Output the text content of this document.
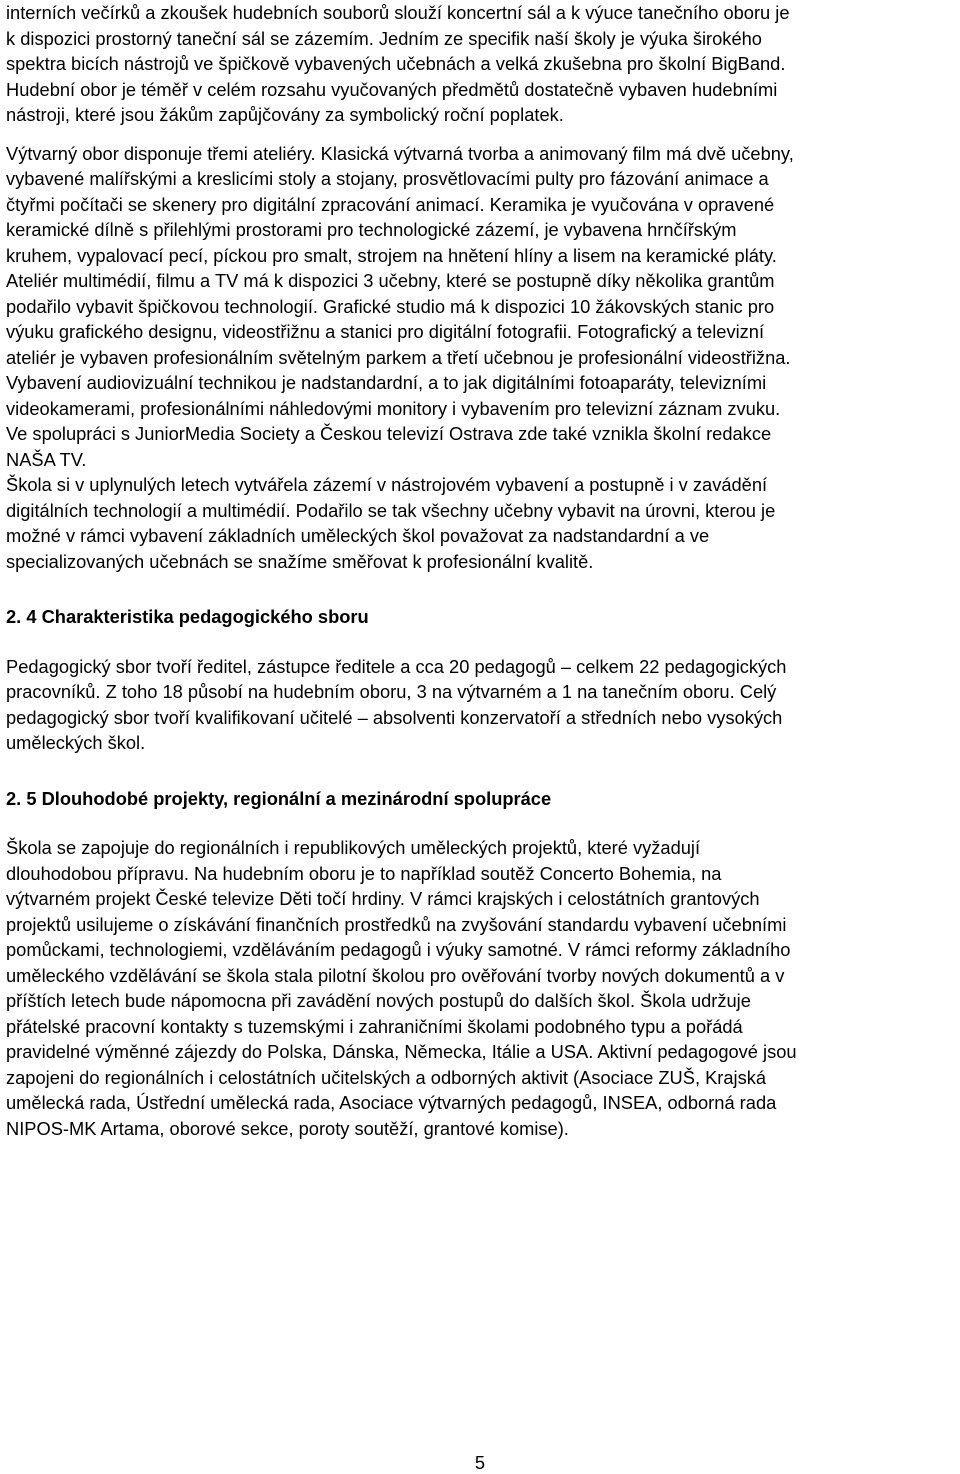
interních večírků a zkoušek hudebních souborů slouží koncertní sál a k výuce tanečního oboru je
k dispozici prostorný taneční sál se zázemím. Jedním ze specifik naší školy je výuka širokého
spektra bicích nástrojů ve špičkově vybavených učebnách a velká zkušebna pro školní BigBand.
Hudební obor je téměř v celém rozsahu vyučovaných předmětů dostatečně vybaven hudebními
nástroji, které jsou žákům zapůjčovány za symbolický roční poplatek.

Výtvarný obor disponuje třemi ateliéry. Klasická výtvarná tvorba a animovaný film má dvě učebny,
vybavené malířskými a kreslicími stoly a stojany, prosvětlovacími pulty pro fázování animace a
čtyřmi počítači se skenery pro digitální zpracování animací. Keramika je vyučována v opravené
keramické dílně s přilehlými prostorami pro technologické zázemí, je vybavena hrnčířským
kruhem, vypalovací pecí, píckou pro smalt, strojem na hnětení hlíny a lisem na keramické pláty.
Ateliér multimédií, filmu a TV má k dispozici 3 učebny, které se postupně díky několika grantům
podařilo vybavit špičkovou technologií. Grafické studio má k dispozici 10 žákovských stanic pro
výuku grafického designu, videostřižnu a stanici pro digitální fotografii. Fotografický a televizní
ateliér je vybaven profesionálním světelným parkem a třetí učebnou je profesionální videostřižna.
Vybavení audiovizuální technikou je nadstandardní, a to jak digitálními fotoaparáty, televizními
videokamerami, profesionálními náhledovými monitory i vybavením pro televizní záznam zvuku.
Ve spolupráci s JuniorMedia Society a Českou televizí Ostrava zde také vznikla školní redakce
NAŠA TV.
Škola si v uplynulých letech vytvářela zázemí v nástrojovém vybavení a postupně i v zavádění
digitálních technologií a multimédií. Podařilo se tak všechny učebny vybavit na úrovni, kterou je
možné v rámci vybavení základních uměleckých škol považovat za nadstandardní a ve
specializovaných učebnách se snažíme směřovat k profesionální kvalitě.

2. 4 Charakteristika pedagogického sboru

Pedagogický sbor tvoří ředitel, zástupce ředitele a cca 20 pedagogů – celkem 22 pedagogických
pracovníků. Z toho 18 působí na hudebním oboru, 3 na výtvarném a 1 na tanečním oboru. Celý
pedagogický sbor tvoří kvalifikovaní učitelé – absolventi konzervatoří a středních nebo vysokých
uměleckých škol.

2. 5 Dlouhodobé projekty, regionální a mezinárodní spolupráce

Škola se zapojuje do regionálních i republikových uměleckých projektů, které vyžadují
dlouhodobou přípravu. Na hudebním oboru je to například soutěž Concerto Bohemia, na
výtvarném projekt České televize Děti točí hrdiny. V rámci krajských i celostátních grantových
projektů usilujeme o získávání finančních prostředků na zvyšování standardu vybavení učebními
pomůckami, technologiemi, vzděláváním pedagogů i výuky samotné. V rámci reformy základního
uměleckého vzdělávání se škola stala pilotní školou pro ověřování tvorby nových dokumentů a v
příštích letech bude nápomocna při zavádění nových postupů do dalších škol. Škola udržuje
přátelské pracovní kontakty s tuzemskými i zahraničními školami podobného typu a pořádá
pravidelné výměnné zájezdy do Polska, Dánska, Německa, Itálie a USA. Aktivní pedagogové jsou
zapojeni do regionálních i celostátních učitelských a odborných aktivit (Asociace ZUŠ, Krajská
umělecká rada, Ústřední umělecká rada, Asociace výtvarných pedagogů, INSEA, odborná rada
NIPOS-MK Artama, oborové sekce, poroty soutěží, grantové komise).

5
